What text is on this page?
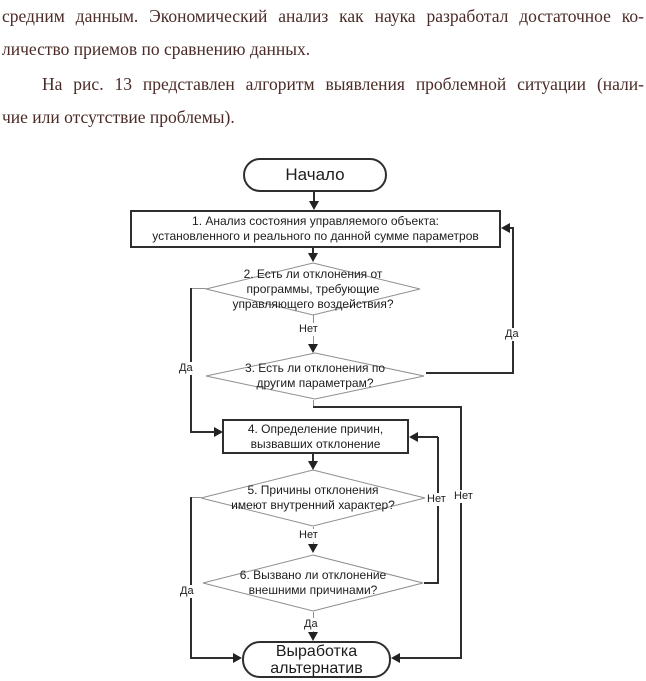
средним данным. Экономический анализ как наука разработал достаточное ко-
личество приемов по сравнению данных.
На рис. 13 представлен алгоритм выявления проблемной ситуации (нали-
чие или отсутствие проблемы).
Начало
1. Анализ состояния управляемого объекта:
установленного и реального по данной сумме параметров
2. Есть ли отклонения от
программы, требующие
управляющего воздействия?
3. Есть ли отклонения по
другим параметрам?
4. Определение причин,
вызвавших отклонение
5. Причины отклонения
имеют внутренний характер?
6. Вызвано ли отклонение
внешними причинами?
Выработка
альтернатив
Нет
Да
Да
Нет
Нет
Да
Нет
Да
